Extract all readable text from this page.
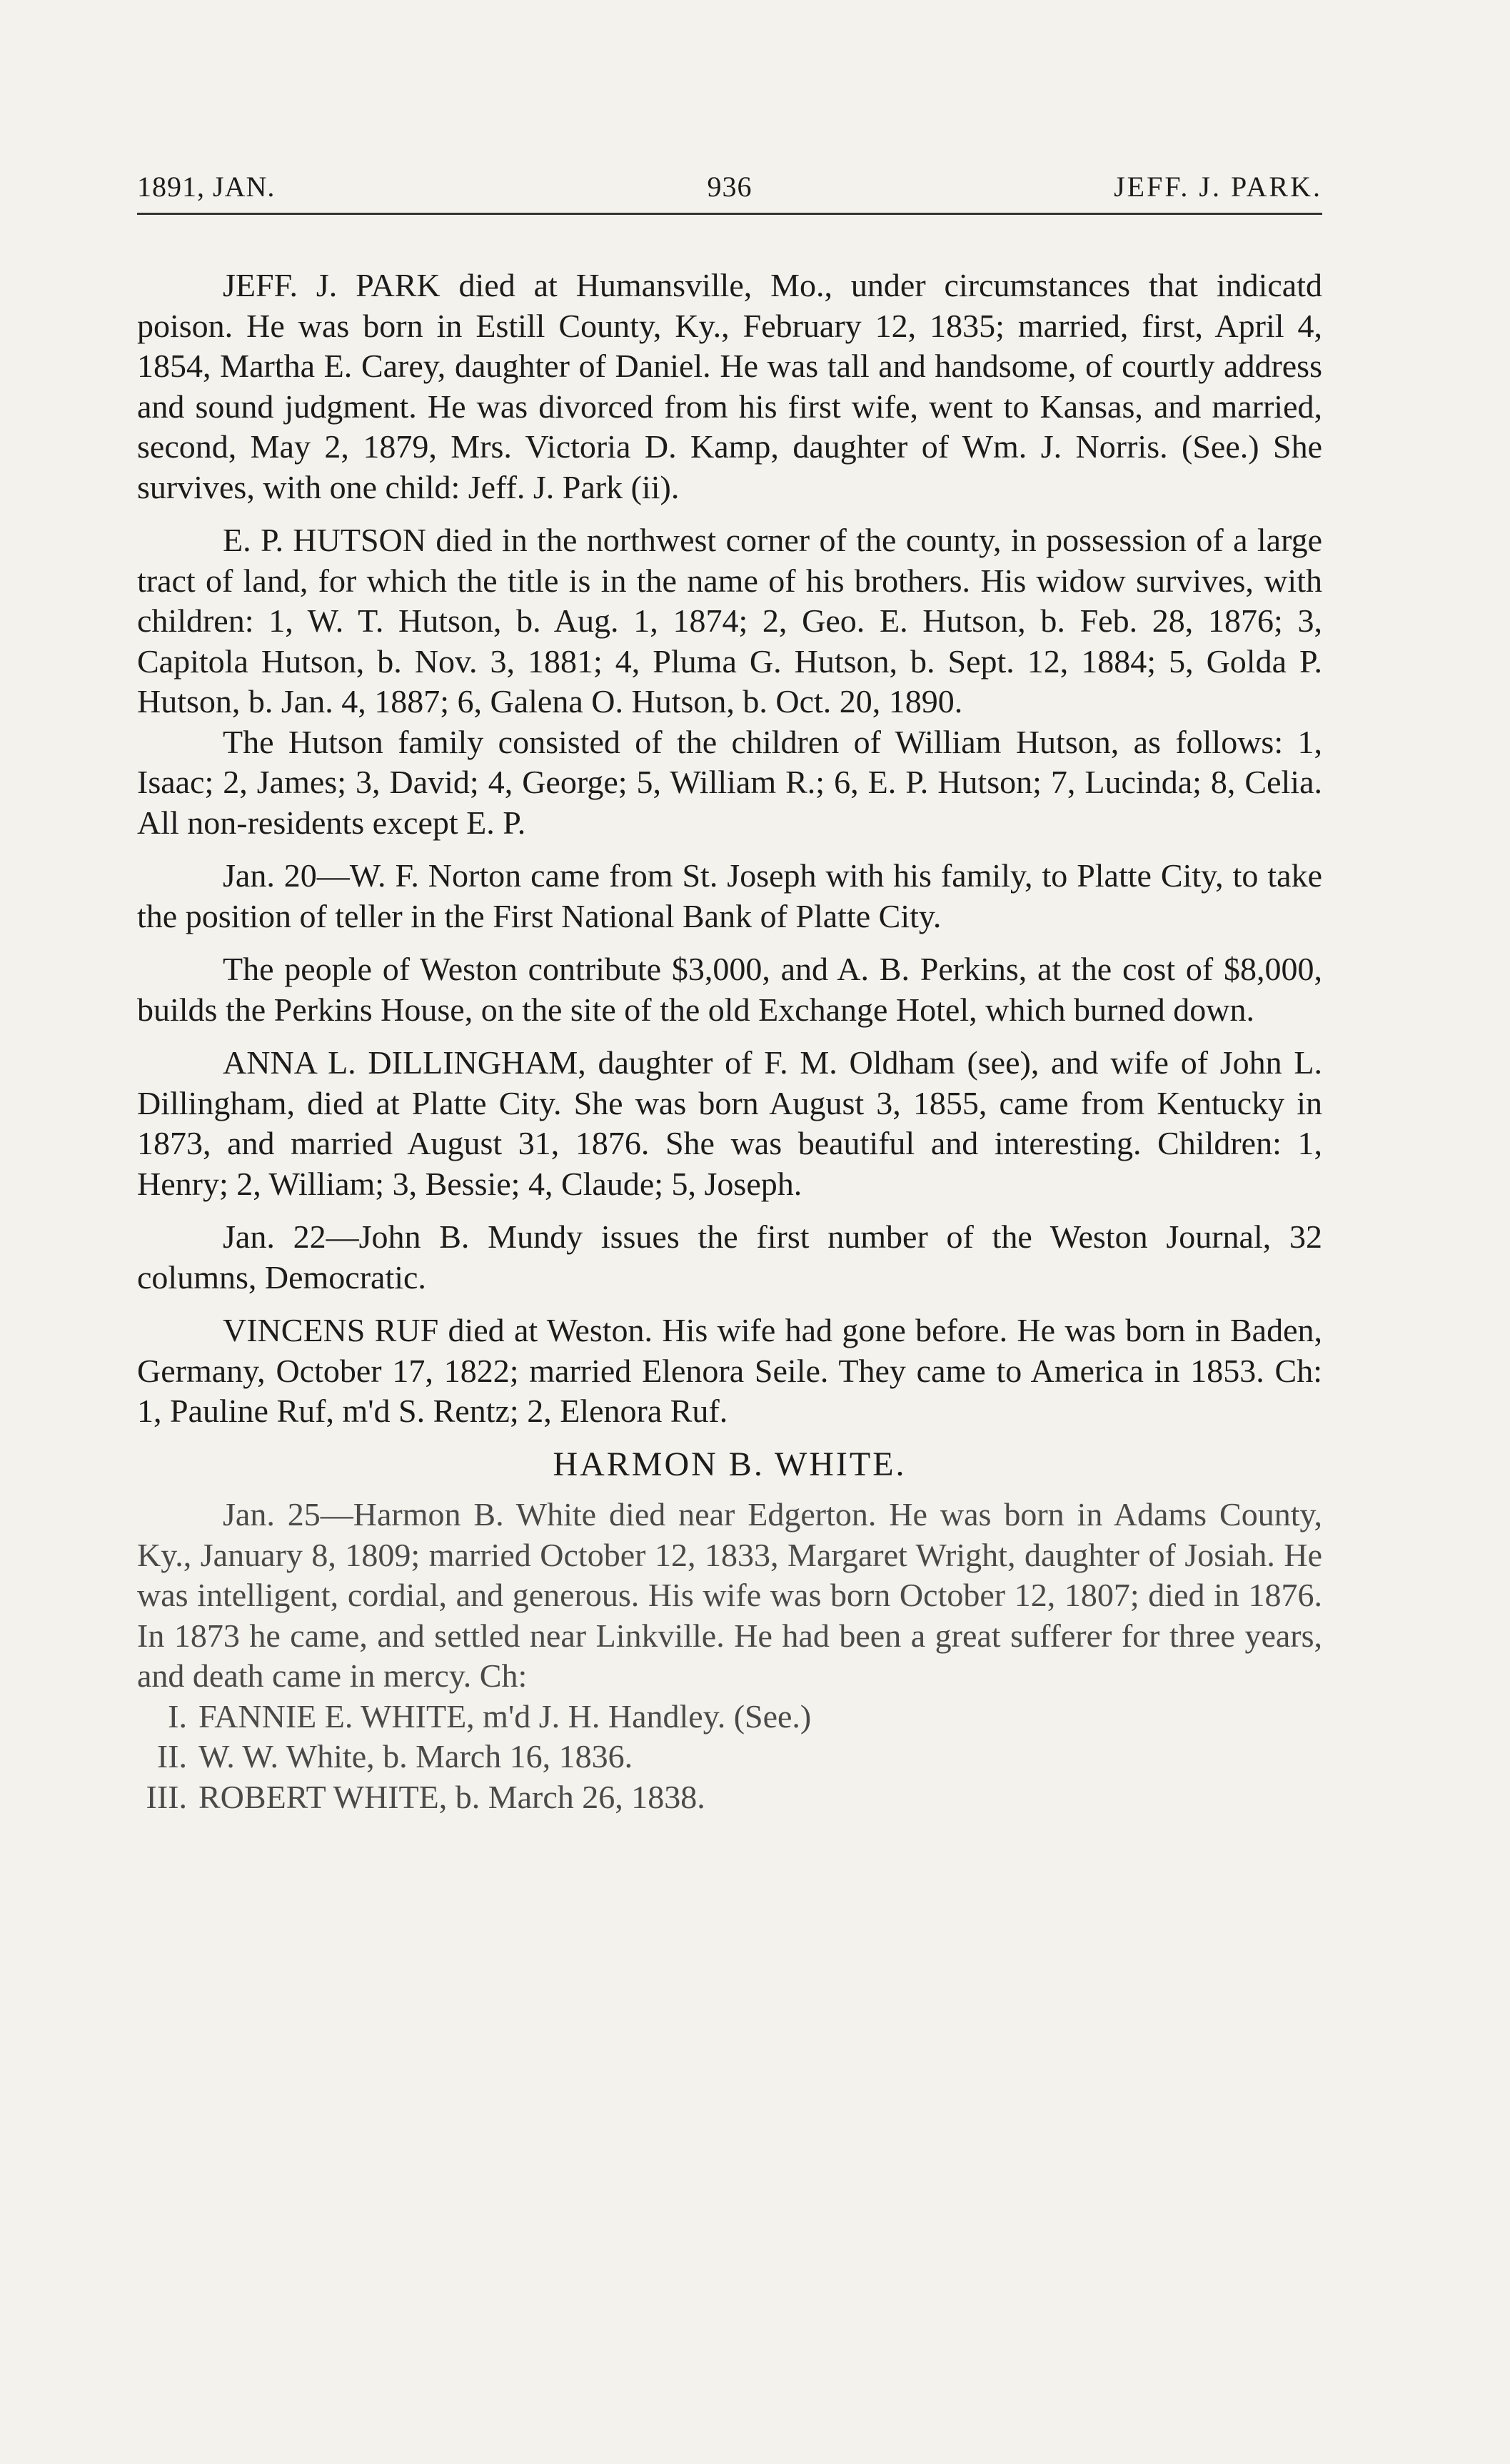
1891, JAN.	936	JEFF. J. PARK.

JEFF. J. PARK died at Humansville, Mo., under circumstances that indicatd poison. He was born in Estill County, Ky., February 12, 1835; married, first, April 4, 1854, Martha E. Carey, daughter of Daniel. He was tall and handsome, of courtly address and sound judgment. He was divorced from his first wife, went to Kansas, and married, second, May 2, 1879, Mrs. Victoria D. Kamp, daughter of Wm. J. Norris. (See.) She survives, with one child: Jeff. J. Park (ii).

E. P. HUTSON died in the northwest corner of the county, in possession of a large tract of land, for which the title is in the name of his brothers. His widow survives, with children: 1, W. T. Hutson, b. Aug. 1, 1874; 2, Geo. E. Hutson, b. Feb. 28, 1876; 3, Capitola Hutson, b. Nov. 3, 1881; 4, Pluma G. Hutson, b. Sept. 12, 1884; 5, Golda P. Hutson, b. Jan. 4, 1887; 6, Galena O. Hutson, b. Oct. 20, 1890.

The Hutson family consisted of the children of William Hutson, as follows: 1, Isaac; 2, James; 3, David; 4, George; 5, William R.; 6, E. P. Hutson; 7, Lucinda; 8, Celia. All non-residents except E. P.

Jan. 20—W. F. Norton came from St. Joseph with his family, to Platte City, to take the position of teller in the First National Bank of Platte City.

The people of Weston contribute $3,000, and A. B. Perkins, at the cost of $8,000, builds the Perkins House, on the site of the old Exchange Hotel, which burned down.

ANNA L. DILLINGHAM, daughter of F. M. Oldham (see), and wife of John L. Dillingham, died at Platte City. She was born August 3, 1855, came from Kentucky in 1873, and married August 31, 1876. She was beautiful and interesting. Children: 1, Henry; 2, William; 3, Bessie; 4, Claude; 5, Joseph.

Jan. 22—John B. Mundy issues the first number of the Weston Journal, 32 columns, Democratic.

VINCENS RUF died at Weston. His wife had gone before. He was born in Baden, Germany, October 17, 1822; married Elenora Seile. They came to America in 1853. Ch: 1, Pauline Ruf, m'd S. Rentz; 2, Elenora Ruf.

HARMON B. WHITE.

Jan. 25—Harmon B. White died near Edgerton. He was born in Adams County, Ky., January 8, 1809; married October 12, 1833, Margaret Wright, daughter of Josiah. He was intelligent, cordial, and generous. His wife was born October 12, 1807; died in 1876. In 1873 he came, and settled near Linkville. He had been a great sufferer for three years, and death came in mercy. Ch:

I. FANNIE E. WHITE, m'd J. H. Handley. (See.)
II. W. W. White, b. March 16, 1836.
III. ROBERT WHITE, b. March 26, 1838.
